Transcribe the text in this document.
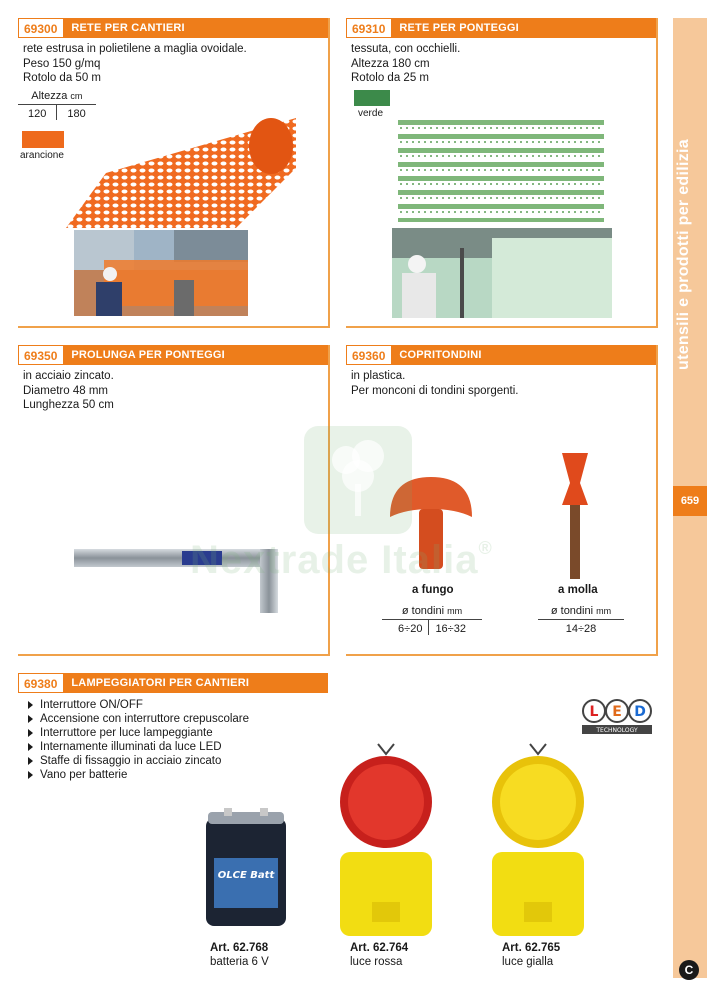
utensili e prodotti per edilizia
659
C
69300	RETE PER CANTIERI
rete estrusa in polietilene a maglia ovoidale.
Peso 150 g/mq
Rotolo da 50 m
Altezza cm
120	180
arancione
69310	RETE PER PONTEGGI
tessuta, con occhielli.
Altezza 180 cm
Rotolo da 25 m
verde
69350	PROLUNGA PER PONTEGGI
in acciaio zincato.
Diametro 48 mm
Lunghezza 50 cm
69360	COPRITONDINI
in plastica.
Per monconi di tondini sporgenti.
a fungo	a molla
ø tondini mm
6÷20	16÷32
ø tondini mm
14÷28
Nextrade Italia®
69380	LAMPEGGIATORI PER CANTIERI
Interruttore ON/OFF
Accensione con interruttore crepuscolare
Interruttore per luce lampeggiante
Internamente illuminati da luce LED
Staffe di fissaggio in acciaio zincato
Vano per batterie
L E D
TECHNOLOGY
OLCE Batt
Art. 62.768
batteria 6 V
Art. 62.764
luce rossa
Art. 62.765
luce gialla
